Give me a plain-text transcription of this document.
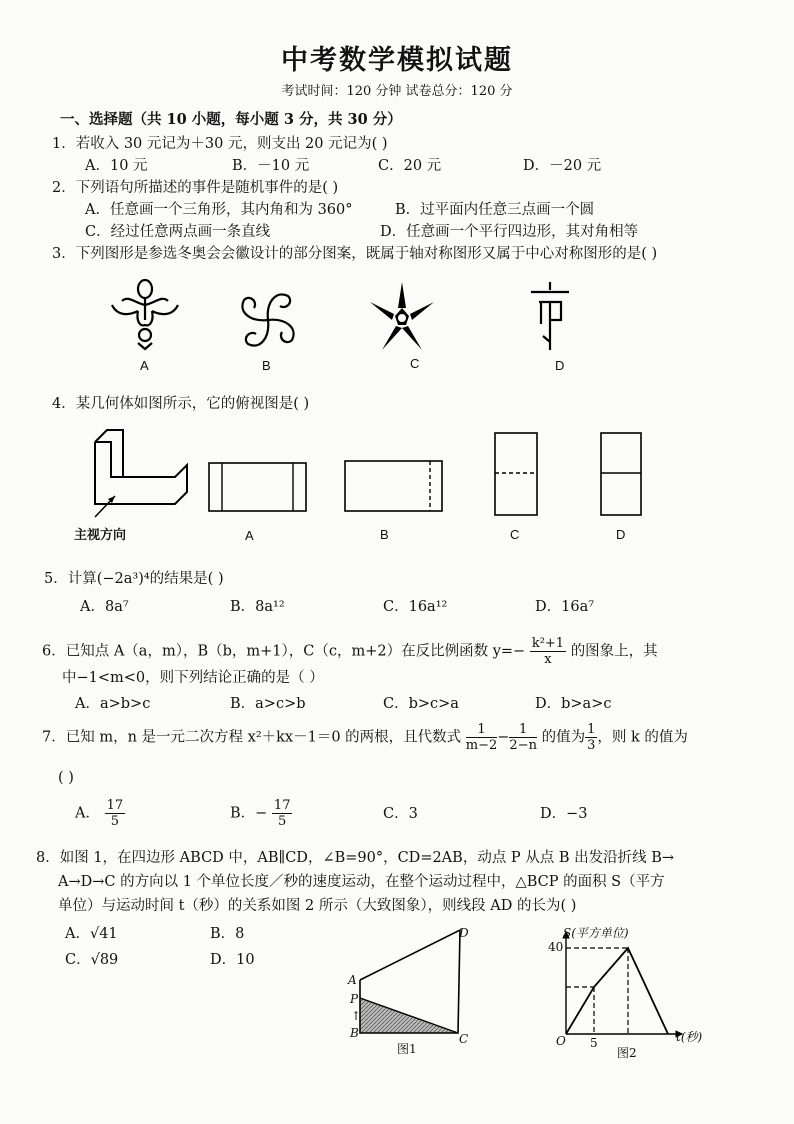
中考数学模拟试题
考试时间：120 分钟 试卷总分：120 分
一、选择题（共 10 小题，每小题 3 分，共 30 分）
1．若收入 30 元记为＋30 元，则支出 20 元记为( )
A．10 元	B．－10 元	C．20 元	D．－20 元
2．下列语句所描述的事件是随机事件的是( )
A．任意画一个三角形，其内角和为 360°	B．过平面内任意三点画一个圆
C．经过任意两点画一条直线	D．任意画一个平行四边形，其对角相等
3．下列图形是参选冬奥会会徽设计的部分图案，既属于轴对称图形又属于中心对称图形的是( )
A	B	C	D
4．某几何体如图所示，它的俯视图是( )
主视方向	A	B	C	D
5．计算(−2a³)⁴的结果是( )
A．8a⁷	B．8a¹²	C．16a¹²	D．16a⁷
6．已知点 A（a，m），B（b，m+1），C（c，m+2）在反比例函数 $y=- \frac{\text{k²+1}}{x}$ 的图象上，其
中−1<m<0，则下列结论正确的是（ ）
A．a>b>c	B．a>c>b	C．b>c>a	D．b>a>c
7．已知 m，n 是一元二次方程 x²＋kx－1＝0 的两根，且代数式 $\frac{1}{m-2} - \frac{1}{2-n}$ 的值为 $\frac{1}{3}$ ，则 k 的值为
( )
A． $\frac{17}{5}$	B．− $\frac{17}{5}$	C．3	D．−3
8．如图 1，在四边形 ABCD 中，AB∥CD，∠B=90°，CD=2AB，动点 P 从点 B 出发沿折线 B→
A→D→C 的方向以 1 个单位长度／秒的速度运动，在整个运动过程中，△BCP 的面积 S（平方
单位）与运动时间 t（秒）的关系如图 2 所示（大致图象），则线段 AD 的长为( )
A．√41	B．8
C．√89	D．10
A
P
↑
B	C
D
图1
S(平方单位)
40
5
O	t(秒)
图2
